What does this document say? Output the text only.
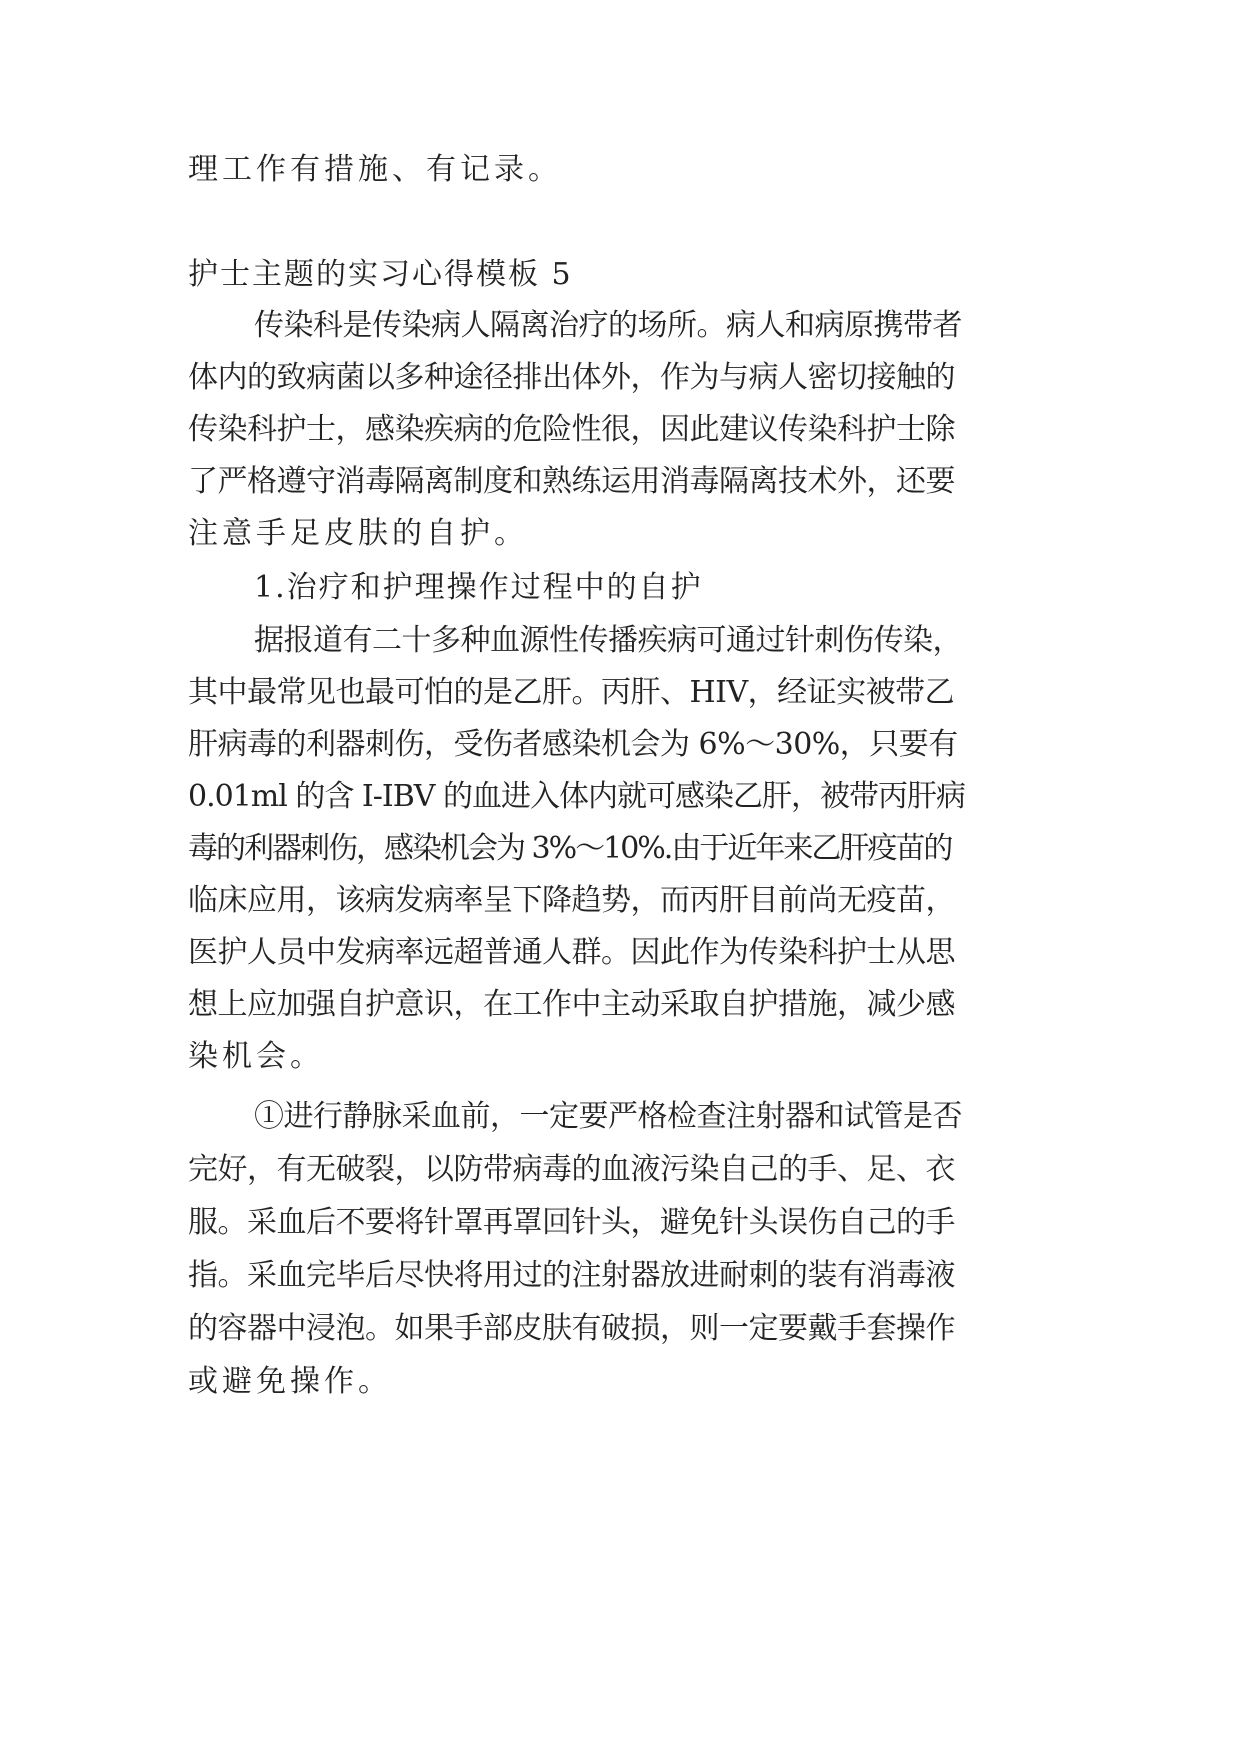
理工作有措施、有记录。
护士主题的实习心得模板 5
传染科是传染病人隔离治疗的场所。病人和病原携带者
体内的致病菌以多种途径排出体外，作为与病人密切接触的
传染科护士，感染疾病的危险性很，因此建议传染科护士除
了严格遵守消毒隔离制度和熟练运用消毒隔离技术外，还要
注意手足皮肤的自护。
1.治疗和护理操作过程中的自护
据报道有二十多种血源性传播疾病可通过针刺伤传染，
其中最常见也最可怕的是乙肝。丙肝、HIV，经证实被带乙
肝病毒的利器刺伤，受伤者感染机会为 6%～30%，只要有
0.01ml 的含 I-IBV 的血进入体内就可感染乙肝，被带丙肝病
毒的利器刺伤，感染机会为 3%～10%.由于近年来乙肝疫苗的
临床应用，该病发病率呈下降趋势，而丙肝目前尚无疫苗，
医护人员中发病率远超普通人群。因此作为传染科护士从思
想上应加强自护意识，在工作中主动采取自护措施，减少感
染机会。
①进行静脉采血前，一定要严格检查注射器和试管是否
完好，有无破裂，以防带病毒的血液污染自己的手、足、衣
服。采血后不要将针罩再罩回针头，避免针头误伤自己的手
指。采血完毕后尽快将用过的注射器放进耐刺的装有消毒液
的容器中浸泡。如果手部皮肤有破损，则一定要戴手套操作
或避免操作。
